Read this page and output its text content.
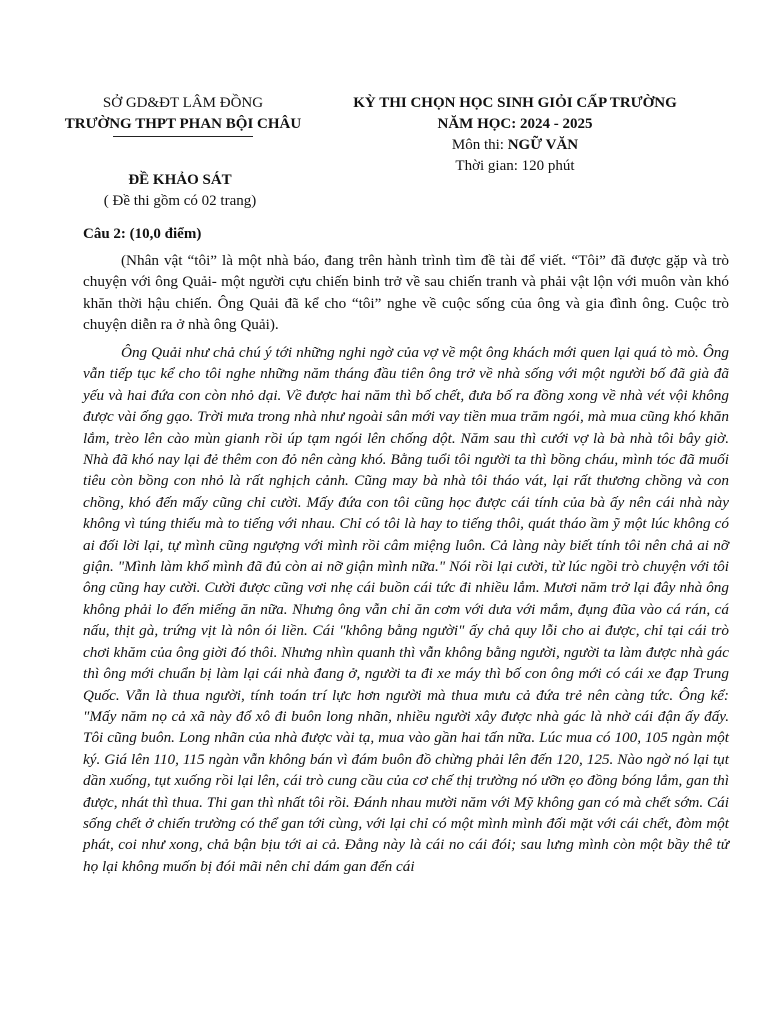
SỞ GD&ĐT LÂM ĐỒNG
TRƯỜNG THPT PHAN BỘI CHÂU
KỲ THI CHỌN HỌC SINH GIỎI CẤP TRƯỜNG
NĂM HỌC: 2024 - 2025
Môn thi: NGỮ VĂN
Thời gian: 120 phút
ĐỀ KHẢO SÁT
( Đề thi gồm có 02 trang)
Câu 2: (10,0 điểm)

(Nhân vật “tôi” là một nhà báo, đang trên hành trình tìm đề tài để viết. “Tôi” đã được gặp và trò chuyện với ông Quải- một người cựu chiến binh trở về sau chiến tranh và phải vật lộn với muôn vàn khó khăn thời hậu chiến. Ông Quải đã kể cho “tôi” nghe về cuộc sống của ông và gia đình ông. Cuộc trò chuyện diễn ra ở nhà ông Quải).

Ông Quải như chả chú ý tới những nghi ngờ của vợ về một ông khách mới quen lại quá tò mò. Ông vẫn tiếp tục kể cho tôi nghe những năm tháng đầu tiên ông trở về nhà sống với một người bố đã già đã yếu và hai đứa con còn nhỏ dại. Về được hai năm thì bố chết, đưa bố ra đồng xong về nhà vét vội không được vài ống gạo. Trời mưa trong nhà như ngoài sân mới vay tiền mua trăm ngói, mà mua cũng khó khăn lắm, trèo lên cào mùn gianh rồi úp tạm ngói lên chống dột. Năm sau thì cưới vợ là bà nhà tôi bây giờ. Nhà đã khó nay lại đẻ thêm con đỏ nên càng khó. Bằng tuổi tôi người ta thì bồng cháu, mình tóc đã muối tiêu còn bồng con nhỏ là rất nghịch cảnh. Cũng may bà nhà tôi tháo vát, lại rất thương chồng và con chồng, khó đến mấy cũng chỉ cười. Mấy đứa con tôi cũng học được cái tính của bà ấy nên cái nhà này không vì túng thiếu mà to tiếng với nhau. Chỉ có tôi là hay to tiếng thôi, quát tháo ầm ỹ một lúc không có ai đối lời lại, tự mình cũng ngượng với mình rồi câm miệng luôn. Cả làng này biết tính tôi nên chả ai nỡ giận. "Mình làm khổ mình đã đủ còn ai nỡ giận mình nữa." Nói rồi lại cười, từ lúc ngồi trò chuyện với tôi ông cũng hay cười. Cười được cũng vơi nhẹ cái buồn cái tức đi nhiều lắm. Mươi năm trở lại đây nhà ông không phải lo đến miếng ăn nữa. Nhưng ông vẫn chỉ ăn cơm với dưa với mắm, đụng đũa vào cá rán, cá nấu, thịt gà, trứng vịt là nôn ói liền. Cái "không bằng người" ấy chả quy lỗi cho ai được, chỉ tại cái trò chơi khăm của ông giời đó thôi. Nhưng nhìn quanh thì vẫn không bằng người, người ta làm được nhà gác thì ông mới chuẩn bị làm lại cái nhà đang ở, người ta đi xe máy thì bố con ông mới có cái xe đạp Trung Quốc. Vẫn là thua người, tính toán trí lực hơn người mà thua mưu cả đứa trẻ nên càng tức. Ông kể: "Mấy năm nọ cả xã này đổ xô đi buôn long nhãn, nhiều người xây được nhà gác là nhờ cái đận ấy đấy. Tôi cũng buôn. Long nhãn của nhà được vài tạ, mua vào gần hai tấn nữa. Lúc mua có 100, 105 ngàn một ký. Giá lên 110, 115 ngàn vẫn không bán vì đám buôn đồ chừng phải lên đến 120, 125. Nào ngờ nó lại tụt dần xuống, tụt xuống rồi lại lên, cái trò cung cầu của cơ chế thị trường nó ưỡn ẹo đồng bóng lắm, gan thì được, nhát thì thua. Thi gan thì nhất tôi rồi. Đánh nhau mười năm với Mỹ không gan có mà chết sớm. Cái sống chết ở chiến trường có thể gan tới cùng, với lại chỉ có một mình mình đối mặt với cái chết, đòm một phát, coi như xong, chả bận bịu tới ai cả. Đằng này là cái no cái đói; sau lưng mình còn một bầy thê tử họ lại không muốn bị đói mãi nên chỉ dám gan đến cái
